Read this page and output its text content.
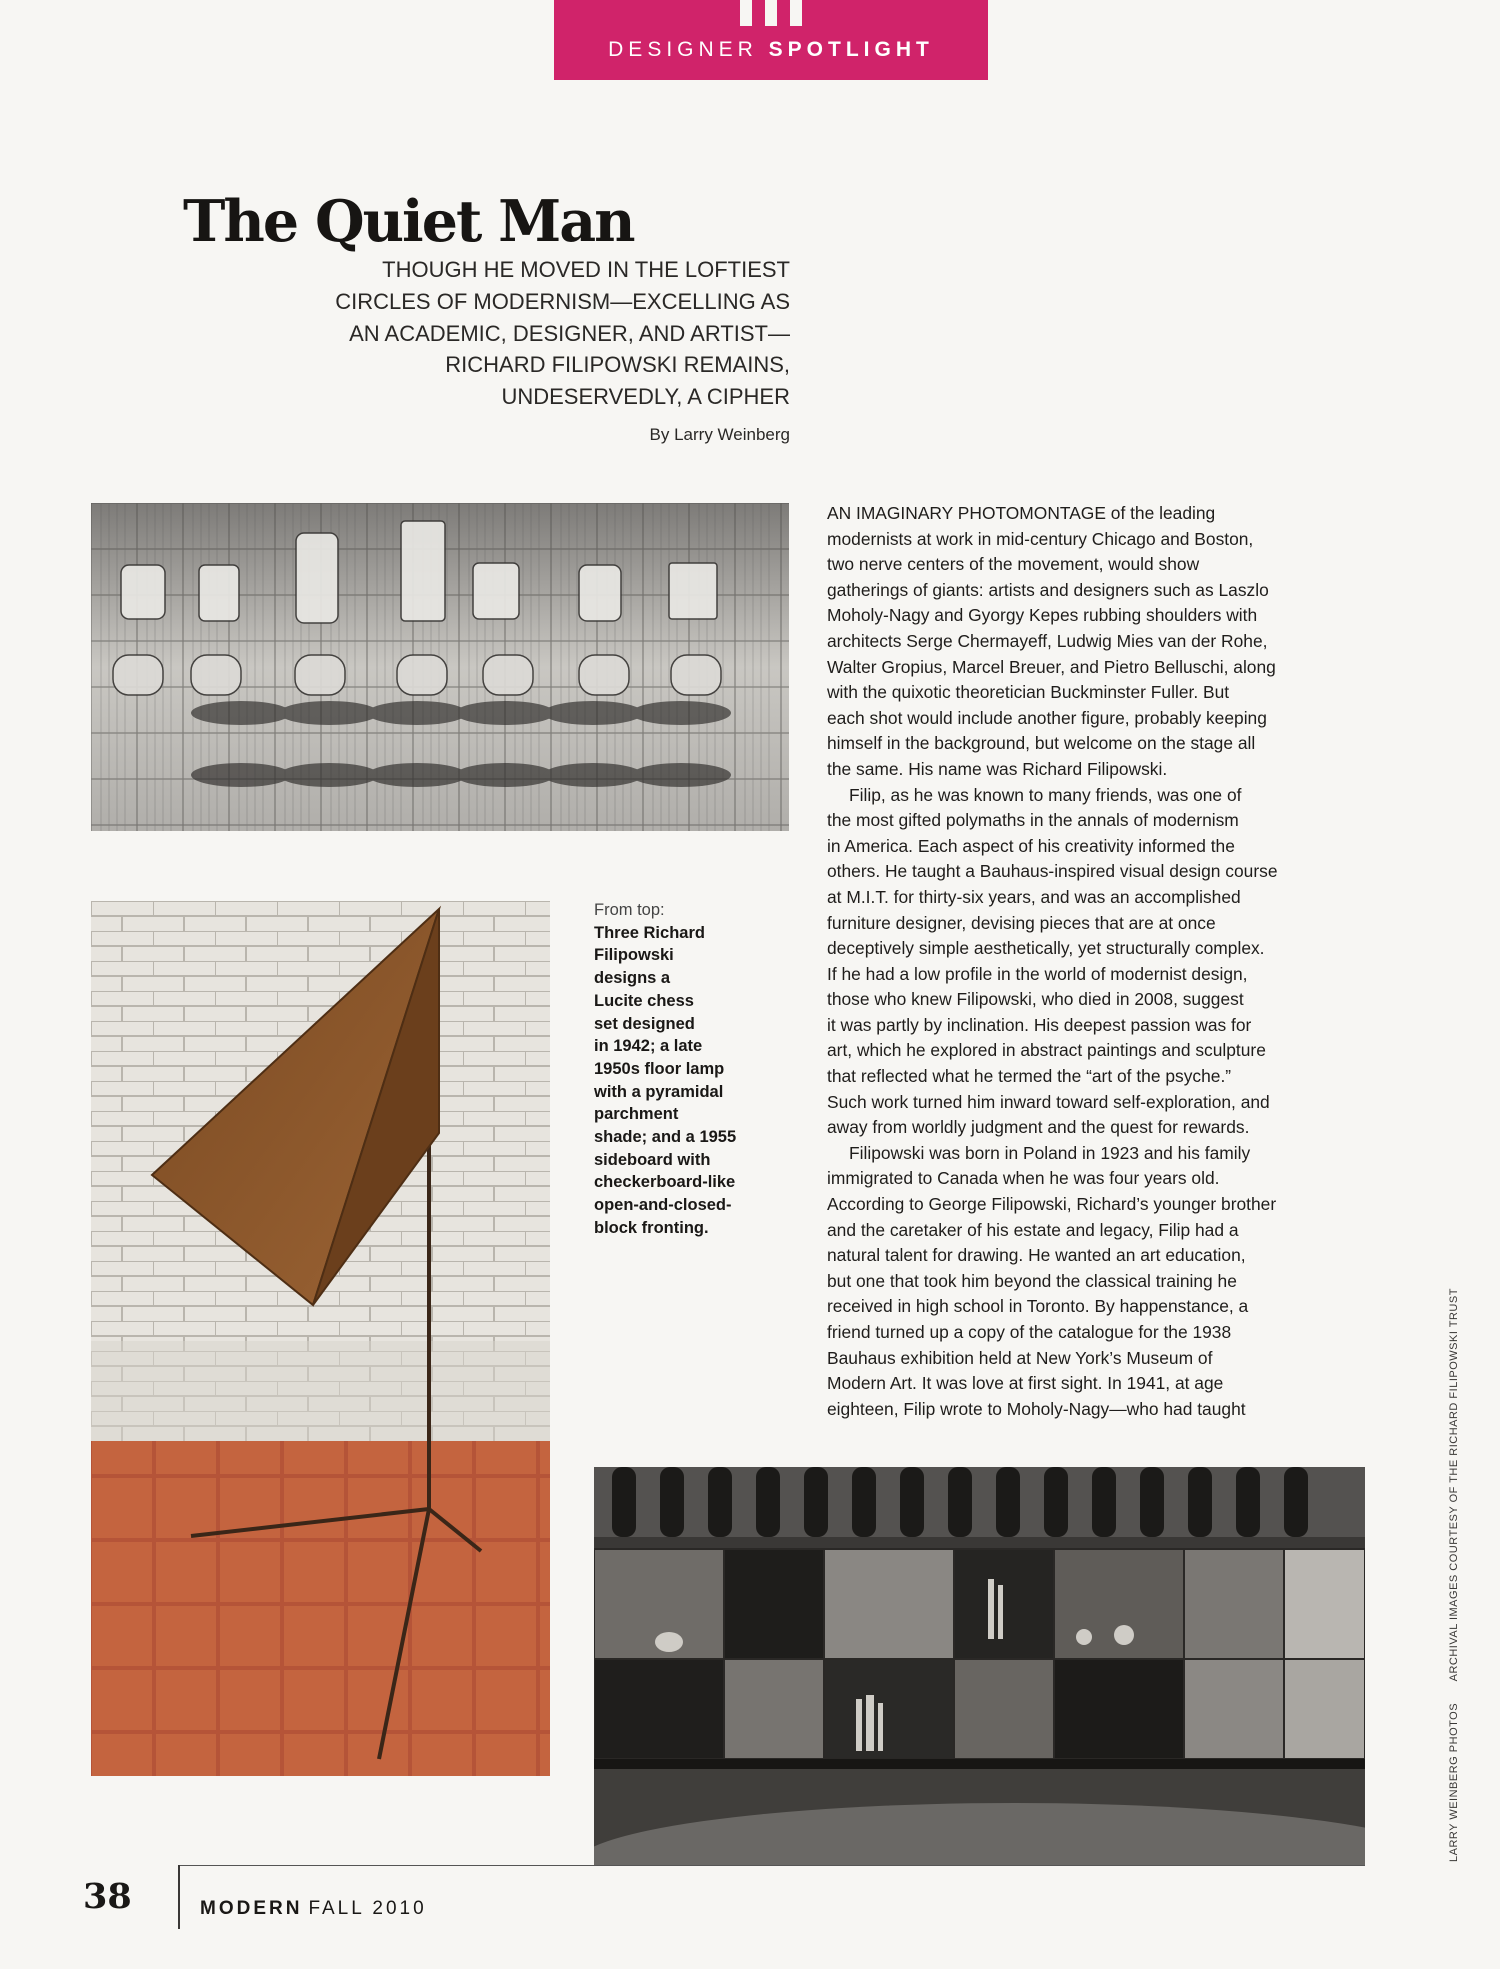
DESIGNER SPOTLIGHT
The Quiet Man
THOUGH HE MOVED IN THE LOFTIEST
CIRCLES OF MODERNISM—EXCELLING AS
AN ACADEMIC, DESIGNER, AND ARTIST—
RICHARD FILIPOWSKI REMAINS,
UNDESERVEDLY, A CIPHER
By Larry Weinberg
From top:
Three Richard
Filipowski
designs a
Lucite chess
set designed
in 1942; a late
1950s floor lamp
with a pyramidal
parchment
shade; and a 1955
sideboard with
checkerboard-like
open-and-closed-
block fronting.

AN IMAGINARY PHOTOMONTAGE of the leading
modernists at work in mid-century Chicago and Boston,
two nerve centers of the movement, would show
gatherings of giants: artists and designers such as Laszlo
Moholy-Nagy and Gyorgy Kepes rubbing shoulders with
architects Serge Chermayeff, Ludwig Mies van der Rohe,
Walter Gropius, Marcel Breuer, and Pietro Belluschi, along
with the quixotic theoretician Buckminster Fuller. But
each shot would include another figure, probably keeping
himself in the background, but welcome on the stage all
the same. His name was Richard Filipowski.

Filip, as he was known to many friends, was one of
the most gifted polymaths in the annals of modernism
in America. Each aspect of his creativity informed the
others. He taught a Bauhaus-inspired visual design course
at M.I.T. for thirty-six years, and was an accomplished
furniture designer, devising pieces that are at once
deceptively simple aesthetically, yet structurally complex.
If he had a low profile in the world of modernist design,
those who knew Filipowski, who died in 2008, suggest
it was partly by inclination. His deepest passion was for
art, which he explored in abstract paintings and sculpture
that reflected what he termed the “art of the psyche.”
Such work turned him inward toward self-exploration, and
away from worldly judgment and the quest for rewards.

Filipowski was born in Poland in 1923 and his family
immigrated to Canada when he was four years old.
According to George Filipowski, Richard’s younger brother
and the caretaker of his estate and legacy, Filip had a
natural talent for drawing. He wanted an art education,
but one that took him beyond the classical training he
received in high school in Toronto. By happenstance, a
friend turned up a copy of the catalogue for the 1938
Bauhaus exhibition held at New York’s Museum of
Modern Art. It was love at first sight. In 1941, at age
eighteen, Filip wrote to Moholy-Nagy—who had taught

LARRY WEINBERG PHOTOS ARCHIVAL IMAGES COURTESY OF THE RICHARD FILIPOWSKI TRUST
38	MODERN FALL 2010
